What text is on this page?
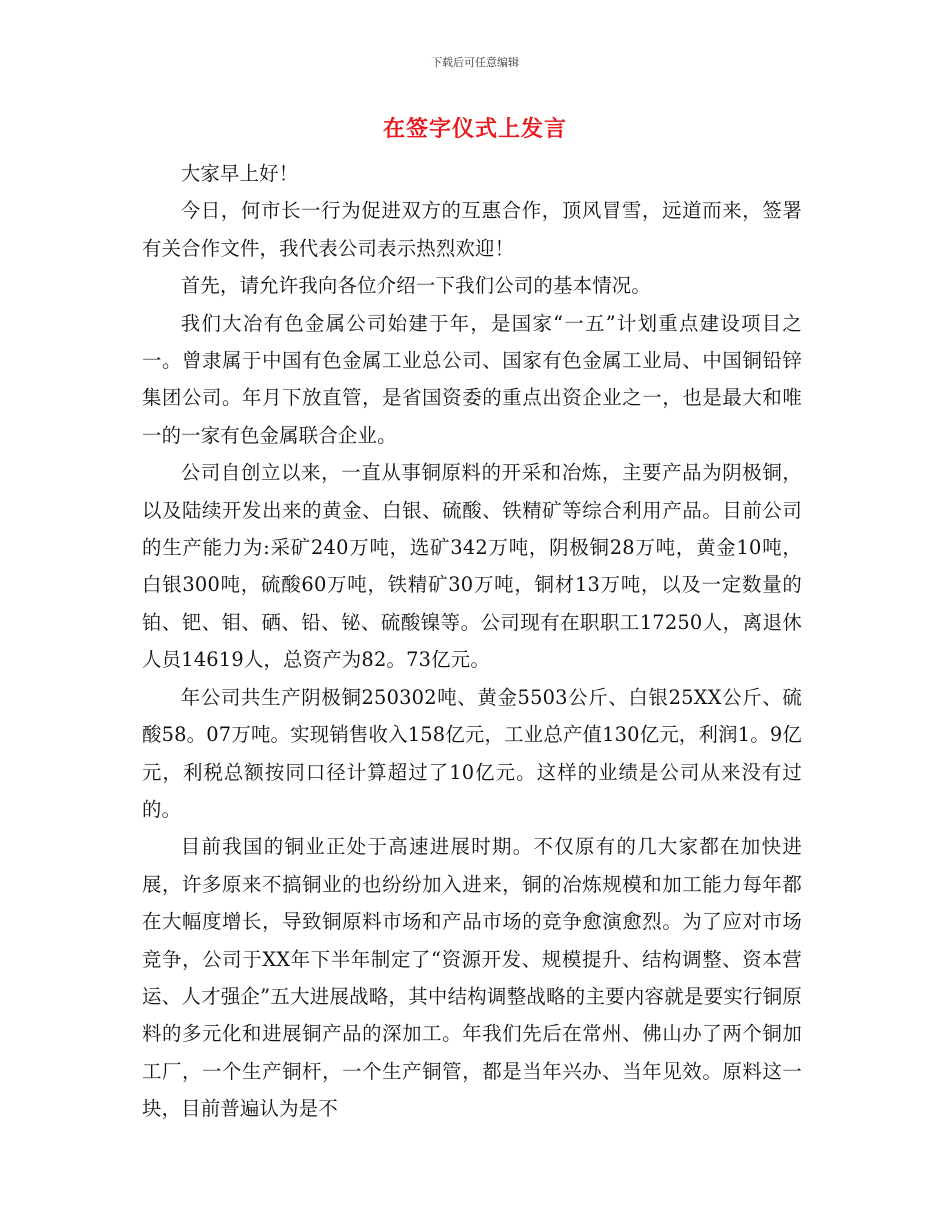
下载后可任意编辑
在签字仪式上发言

大家早上好！

今日，何市长一行为促进双方的互惠合作，顶风冒雪，远道而来，签署有关合作文件，我代表公司表示热烈欢迎！

首先，请允许我向各位介绍一下我们公司的基本情况。

我们大冶有色金属公司始建于年，是国家“一五”计划重点建设项目之一。曾隶属于中国有色金属工业总公司、国家有色金属工业局、中国铜铅锌集团公司。年月下放直管，是省国资委的重点出资企业之一，也是最大和唯一的一家有色金属联合企业。

公司自创立以来，一直从事铜原料的开采和冶炼，主要产品为阴极铜，以及陆续开发出来的黄金、白银、硫酸、铁精矿等综合利用产品。目前公司的生产能力为:采矿240万吨，选矿342万吨，阴极铜28万吨，黄金10吨，白银300吨，硫酸60万吨，铁精矿30万吨，铜材13万吨，以及一定数量的铂、钯、钼、硒、铅、铋、硫酸镍等。公司现有在职职工17250人，离退休人员14619人，总资产为82。73亿元。

年公司共生产阴极铜250302吨、黄金5503公斤、白银25XX公斤、硫酸58。07万吨。实现销售收入158亿元，工业总产值130亿元，利润1。9亿元，利税总额按同口径计算超过了10亿元。这样的业绩是公司从来没有过的。

目前我国的铜业正处于高速进展时期。不仅原有的几大家都在加快进展，许多原来不搞铜业的也纷纷加入进来，铜的冶炼规模和加工能力每年都在大幅度增长，导致铜原料市场和产品市场的竞争愈演愈烈。为了应对市场竞争，公司于XX年下半年制定了“资源开发、规模提升、结构调整、资本营运、人才强企”五大进展战略，其中结构调整战略的主要内容就是要实行铜原料的多元化和进展铜产品的深加工。年我们先后在常州、佛山办了两个铜加工厂，一个生产铜杆，一个生产铜管，都是当年兴办、当年见效。原料这一块，目前普遍认为是不
